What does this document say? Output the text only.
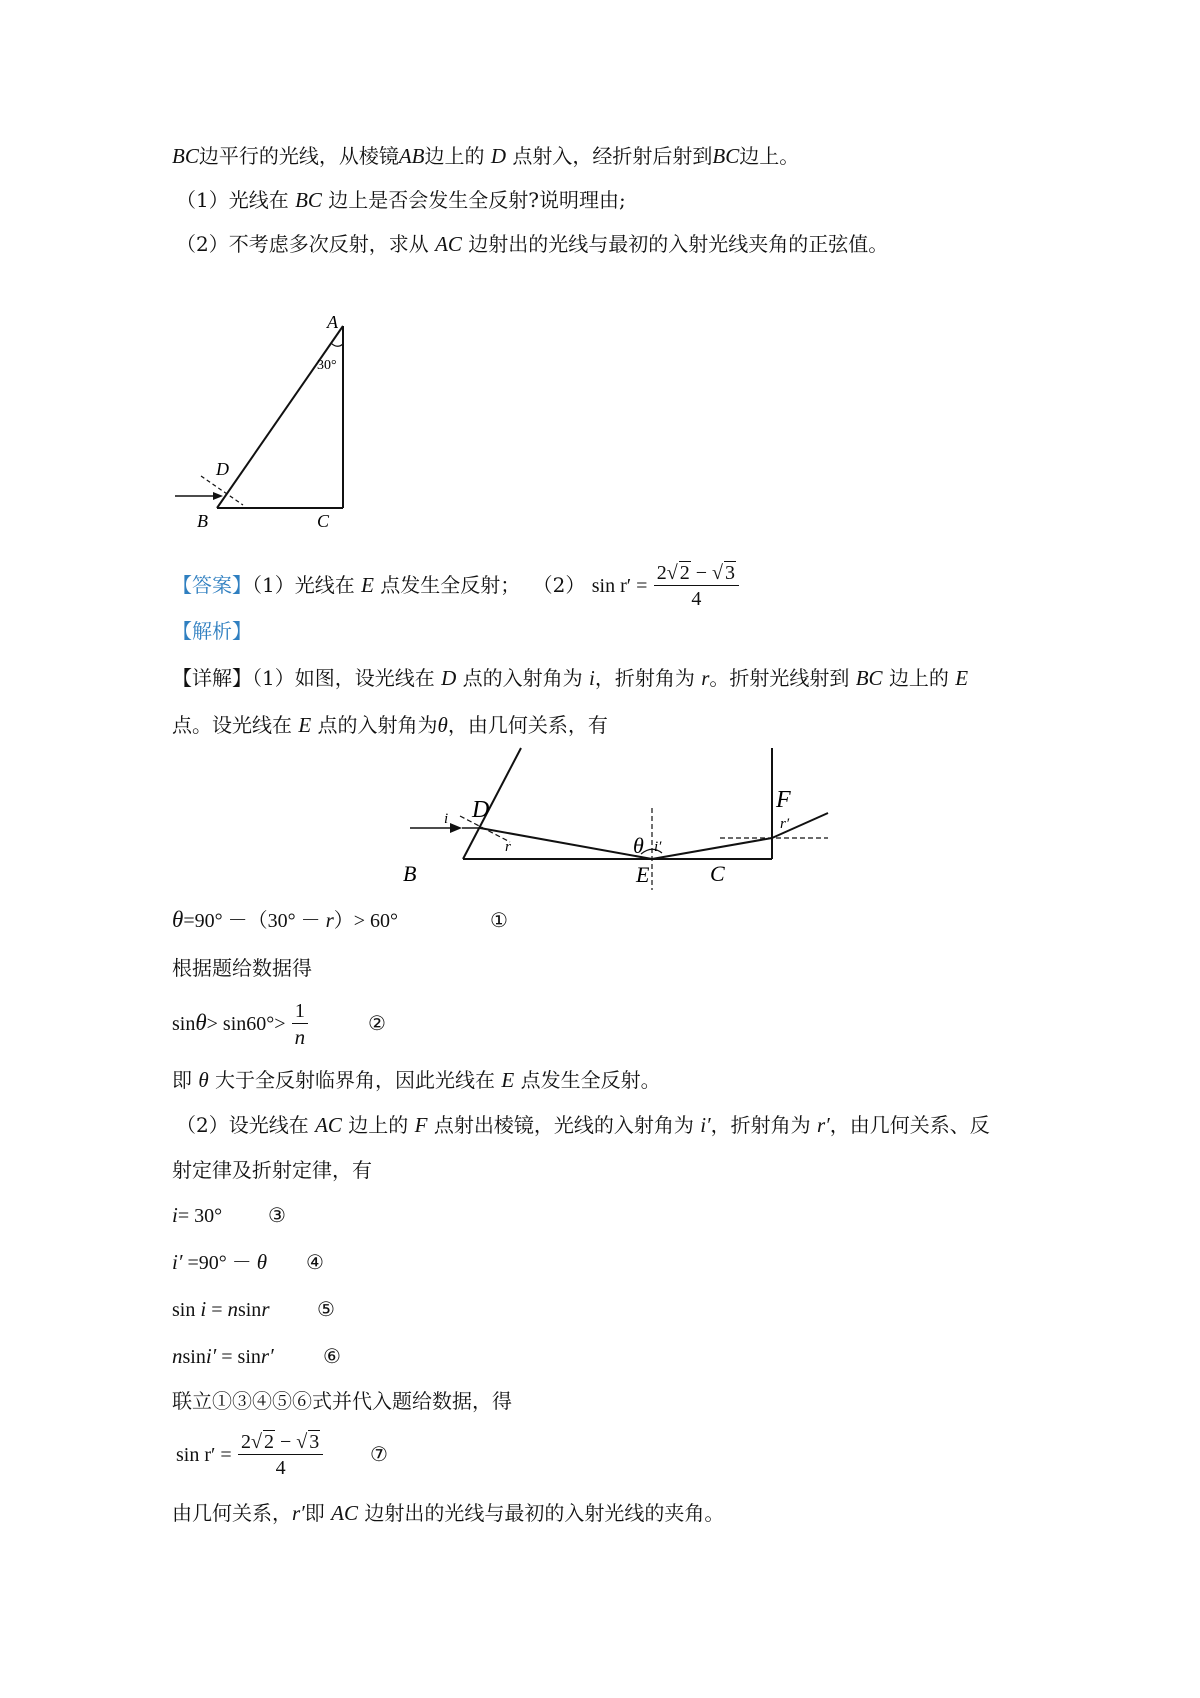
BC边平行的光线，从棱镜AB边上的 D 点射入，经折射后射到BC边上。
（1）光线在 BC 边上是否会发生全反射?说明理由;
（2）不考虑多次反射，求从 AC 边射出的光线与最初的入射光线夹角的正弦值。
A
30°
D
B	C
【答案】（1）光线在 E 点发生全反射； （2） $\sin r' = \frac{2√ 2 - √ 3}{4}$
【解析】
【详解】（1）如图，设光线在 D 点的入射角为 i，折射角为 r。折射光线射到 BC 边上的 E
点。设光线在 E 点的入射角为θ，由几何关系，有
D
i
r	θ i′
r′
F
B	E	C
θ=90° －（30° － r）> 60°	①
根据题给数据得
$\sin\theta> \sin 60^\circ> \frac{1}{n}$	②
即 θ 大于全反射临界角，因此光线在 E 点发生全反射。
（2）设光线在 AC 边上的 F 点射出棱镜，光线的入射角为 i′，折射角为 r′，由几何关系、反
射定律及折射定律，有
i= 30° ③
i′ =90° － θ ④
sin i = nsinr ⑤
nsini′ = sinr′ ⑥
联立①③④⑤⑥式并代入题给数据，得
$\sin r' = \frac{2√ 2 - √ 3}{4}$ ⑦
由几何关系，r′即 AC 边射出的光线与最初的入射光线的夹角。
